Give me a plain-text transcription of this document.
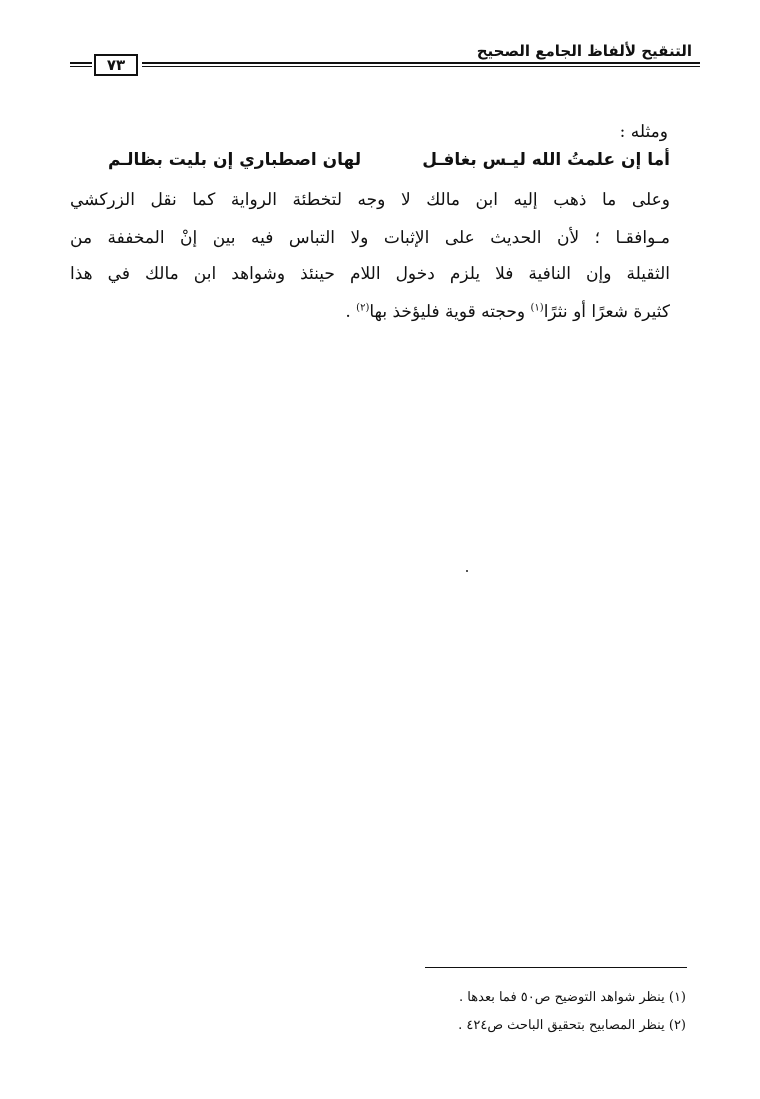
٧٣
التنقيح لألفاظ الجامع الصحيح
ومثله :
أما إن علمتُ الله ليـس بغافـل
لهان اصطباري إن بليت بظالـم
وعلى ما ذهب إليه ابن مالك لا وجه لتخطئة الرواية كما نقل الزركشي
مـوافقـا ؛ لأن الحديث على الإثبات ولا التباس فيه بين إنْ المخففة من
الثقيلة وإن النافية فلا يلزم دخول اللام حينئذ وشواهد ابن مالك في هذا
كثيرة شعرًا أو نثرًا$^{(١)}$ وحجته قوية فليؤخذ بها$^{(٢)}$ .
(١) ينظر شواهد التوضيح ص٥٠ فما بعدها .
(٢) ينظر المصابيح بتحقيق الباحث ص٤٢٤ .
